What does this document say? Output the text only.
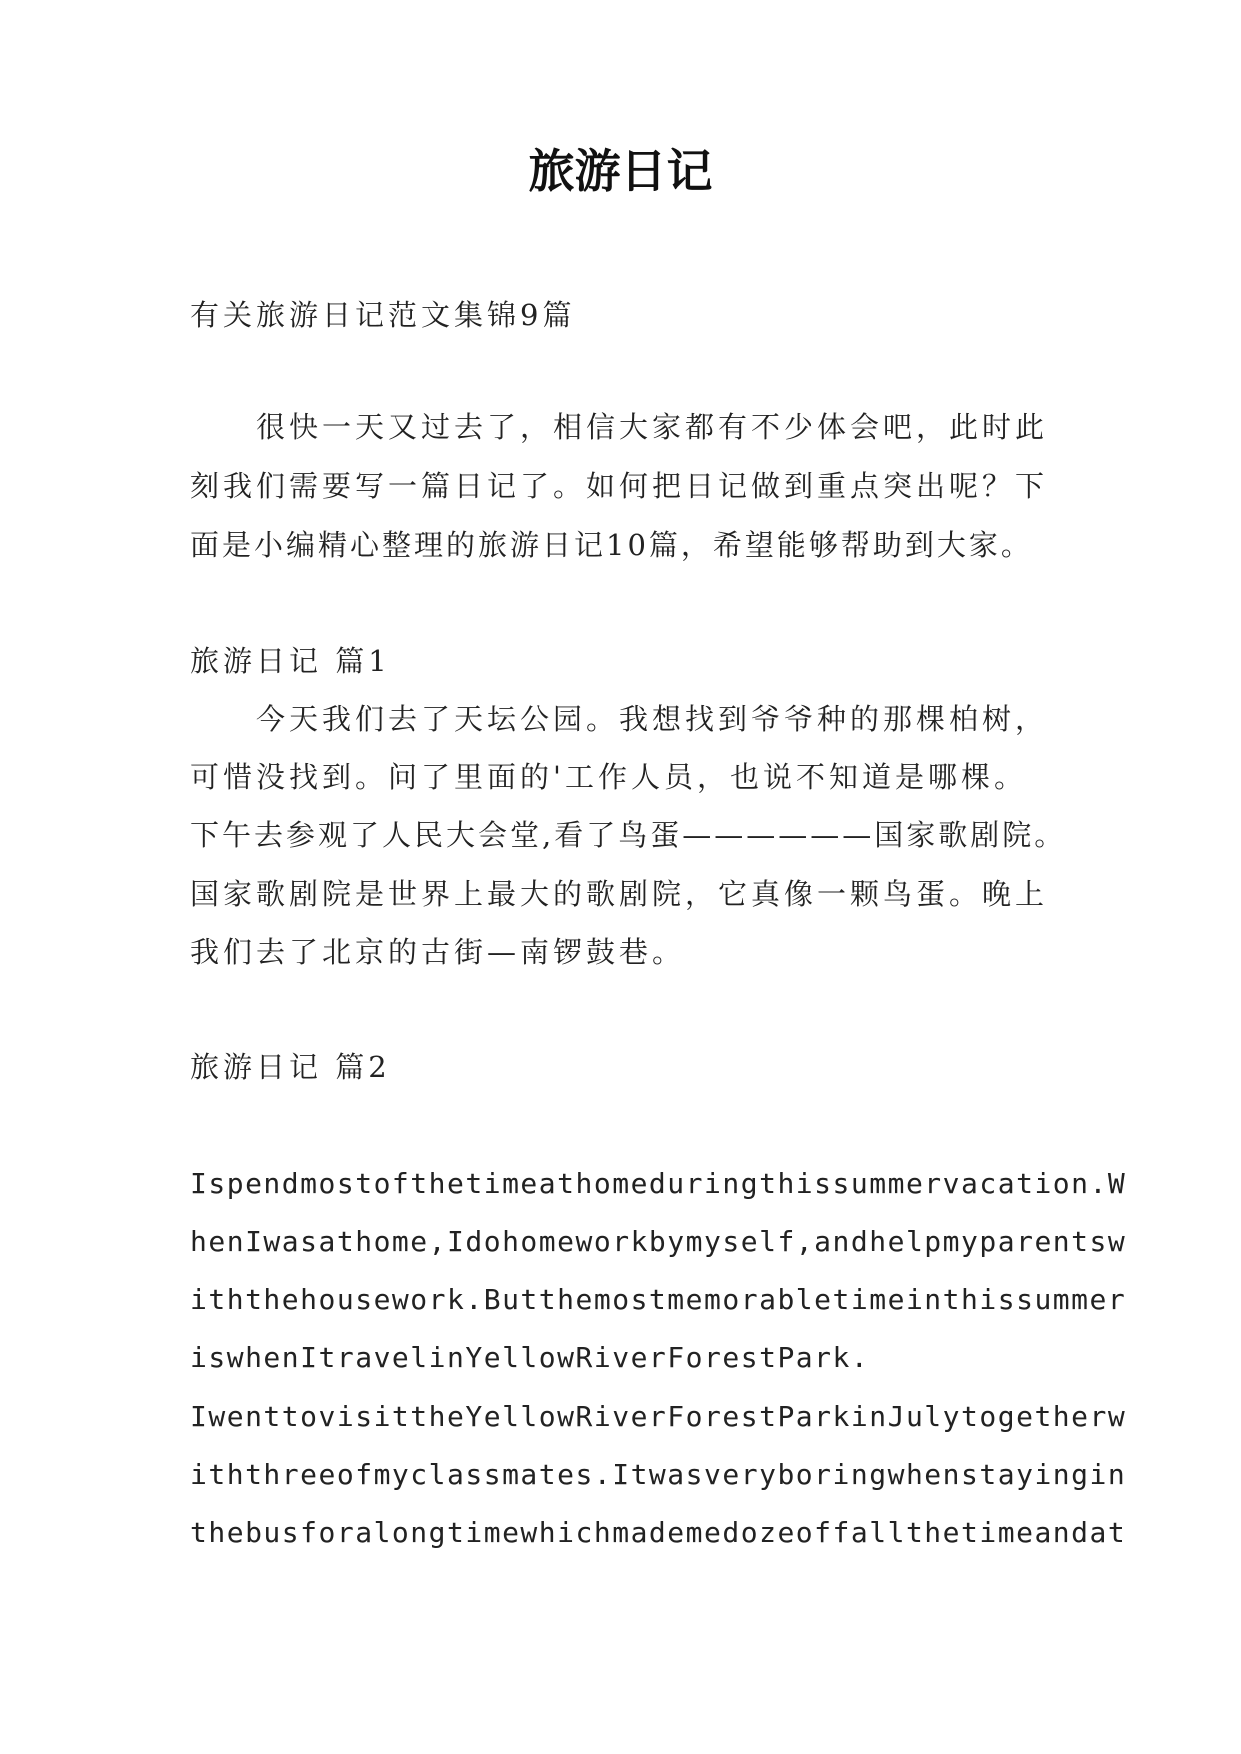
旅游日记

有关旅游日记范文集锦9篇

很快一天又过去了，相信大家都有不少体会吧，此时此

刻我们需要写一篇日记了。如何把日记做到重点突出呢？下

面是小编精心整理的旅游日记10篇，希望能够帮助到大家。

旅游日记 篇1

今天我们去了天坛公园。我想找到爷爷种的那棵柏树，

可惜没找到。问了里面的'工作人员，也说不知道是哪棵。

下午去参观了人民大会堂,看了鸟蛋——————国家歌剧院。

国家歌剧院是世界上最大的歌剧院，它真像一颗鸟蛋。晚上

我们去了北京的古街—南锣鼓巷。

旅游日记 篇2

Ispendmostofthetimeathomeduringthissummervacation.W

henIwasathome,Idohomeworkbymyself,andhelpmyparentsw

iththehousework.Butthemostmemorabletimeinthissummer

iswhenItravelinYellowRiverForestPark.

IwenttovisittheYellowRiverForestParkinJulytogetherw

iththreeofmyclassmates.Itwasveryboringwhenstayingin

thebusforalongtimewhichmademedozeoffallthetimeandat
